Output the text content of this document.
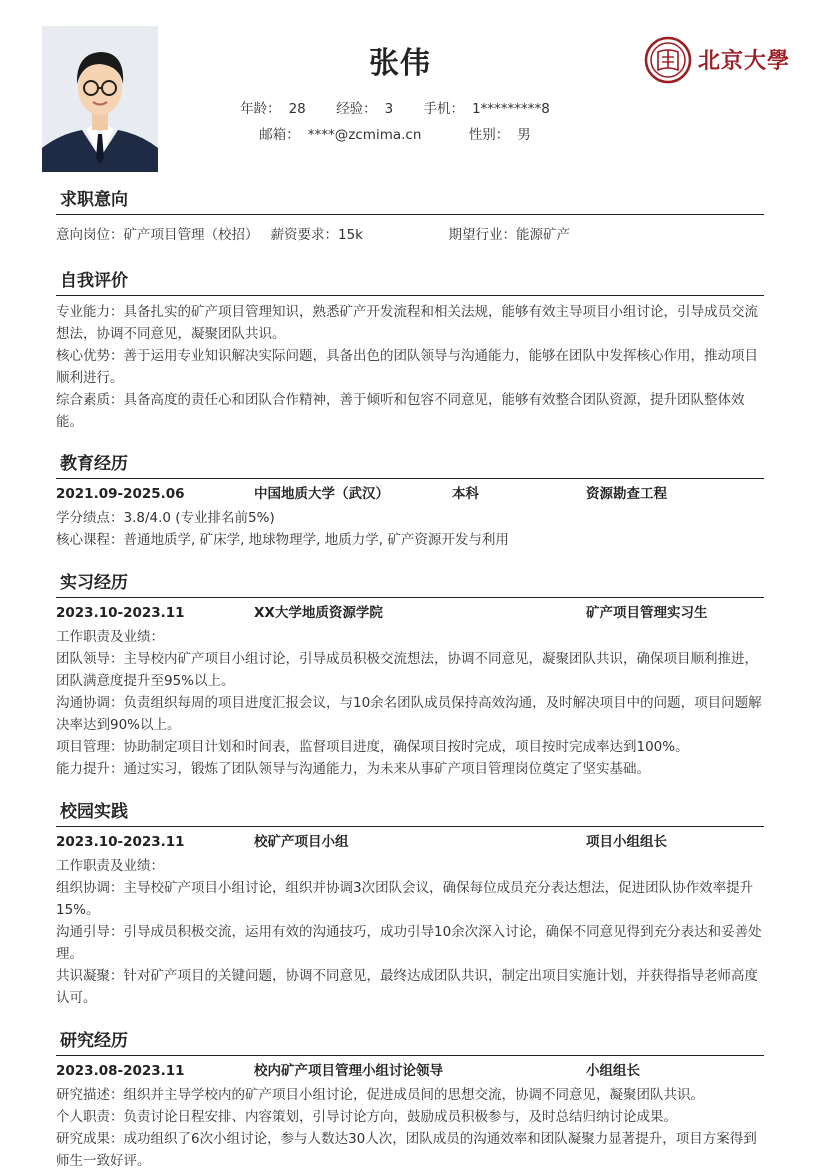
张伟
年龄： 28 经验： 3 手机： 1*********8
邮箱： ****@zcmima.cn	性别： 男
北京大學
求职意向
意向岗位：矿产项目管理（校招） 薪资要求：15k	期望行业：能源矿产
自我评价
专业能力：具备扎实的矿产项目管理知识，熟悉矿产开发流程和相关法规，能够有效主导项目小组讨论，引导成员交流想法，协调不同意见，凝聚团队共识。
核心优势：善于运用专业知识解决实际问题，具备出色的团队领导与沟通能力，能够在团队中发挥核心作用，推动项目顺利进行。
综合素质：具备高度的责任心和团队合作精神，善于倾听和包容不同意见，能够有效整合团队资源，提升团队整体效能。
教育经历
2021.09-2025.06	中国地质大学（武汉）	本科	资源勘查工程
学分绩点：3.8/4.0 (专业排名前5%)
核心课程：普通地质学, 矿床学, 地球物理学, 地质力学, 矿产资源开发与利用
实习经历
2023.10-2023.11	XX大学地质资源学院	矿产项目管理实习生
工作职责及业绩：
团队领导：主导校内矿产项目小组讨论，引导成员积极交流想法，协调不同意见，凝聚团队共识，确保项目顺利推进，团队满意度提升至95%以上。
沟通协调：负责组织每周的项目进度汇报会议，与10余名团队成员保持高效沟通，及时解决项目中的问题，项目问题解决率达到90%以上。
项目管理：协助制定项目计划和时间表，监督项目进度，确保项目按时完成，项目按时完成率达到100%。
能力提升：通过实习，锻炼了团队领导与沟通能力，为未来从事矿产项目管理岗位奠定了坚实基础。
校园实践
2023.10-2023.11	校矿产项目小组	项目小组组长
工作职责及业绩：
组织协调：主导校矿产项目小组讨论，组织并协调3次团队会议，确保每位成员充分表达想法，促进团队协作效率提升15%。
沟通引导：引导成员积极交流，运用有效的沟通技巧，成功引导10余次深入讨论，确保不同意见得到充分表达和妥善处理。
共识凝聚：针对矿产项目的关键问题，协调不同意见，最终达成团队共识，制定出项目实施计划，并获得指导老师高度认可。
研究经历
2023.08-2023.11	校内矿产项目管理小组讨论领导	小组组长
研究描述：组织并主导学校内的矿产项目小组讨论，促进成员间的思想交流，协调不同意见，凝聚团队共识。
个人职责：负责讨论日程安排、内容策划，引导讨论方向，鼓励成员积极参与，及时总结归纳讨论成果。
研究成果：成功组织了6次小组讨论，参与人数达30人次，团队成员的沟通效率和团队凝聚力显著提升，项目方案得到师生一致好评。
